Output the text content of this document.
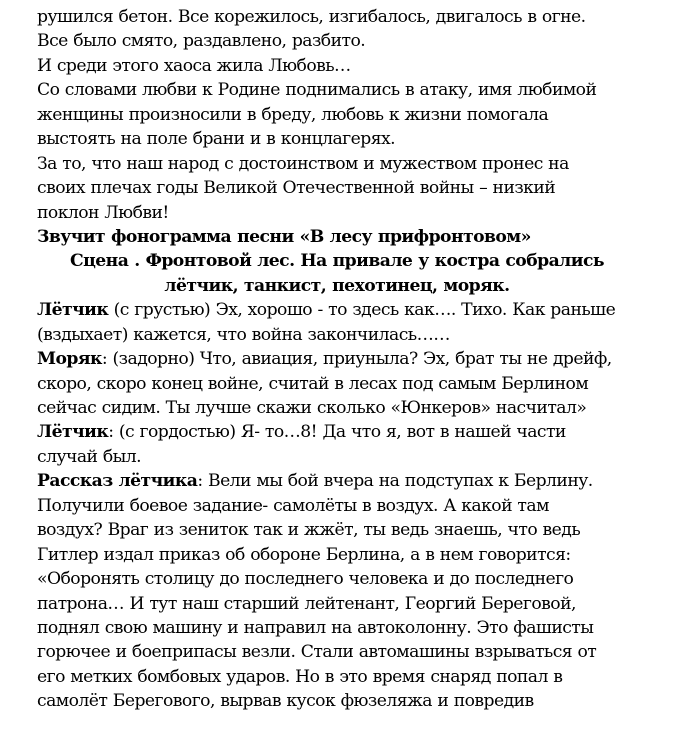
рушился бетон. Все корежилось, изгибалось, двигалось в огне.
Все было смято, раздавлено, разбито.
И среди этого хаоса жила Любовь…
Со словами любви к Родине поднимались в атаку, имя любимой
женщины произносили в бреду, любовь к жизни помогала
выстоять на поле брани и в концлагерях.
За то, что наш народ с достоинством и мужеством пронес на
своих плечах годы Великой Отечественной войны – низкий
поклон Любви!
Звучит фонограмма песни «В лесу прифронтовом»
Сцена . Фронтовой лес. На привале у костра собрались
лётчик, танкист, пехотинец, моряк.
Лётчик (с грустью) Эх, хорошо - то здесь как…. Тихо. Как раньше
(вздыхает) кажется, что война закончилась……
Моряк: (задорно) Что, авиация, приуныла? Эх, брат ты не дрейф,
скоро, скоро конец войне, считай в лесах под самым Берлином
сейчас сидим. Ты лучше скажи сколько «Юнкеров» насчитал»
Лётчик: (с гордостью) Я- то…8! Да что я, вот в нашей части
случай был.
Рассказ лётчика: Вели мы бой вчера на подступах к Берлину.
Получили боевое задание- самолёты в воздух. А какой там
воздух? Враг из зениток так и жжёт, ты ведь знаешь, что ведь
Гитлер издал приказ об обороне Берлина, а в нем говорится:
«Оборонять столицу до последнего человека и до последнего
патрона… И тут наш старший лейтенант, Георгий Береговой,
поднял свою машину и направил на автоколонну. Это фашисты
горючее и боеприпасы везли. Стали автомашины взрываться от
его метких бомбовых ударов. Но в это время снаряд попал в
самолёт Берегового, вырвав кусок фюзеляжа и повредив
